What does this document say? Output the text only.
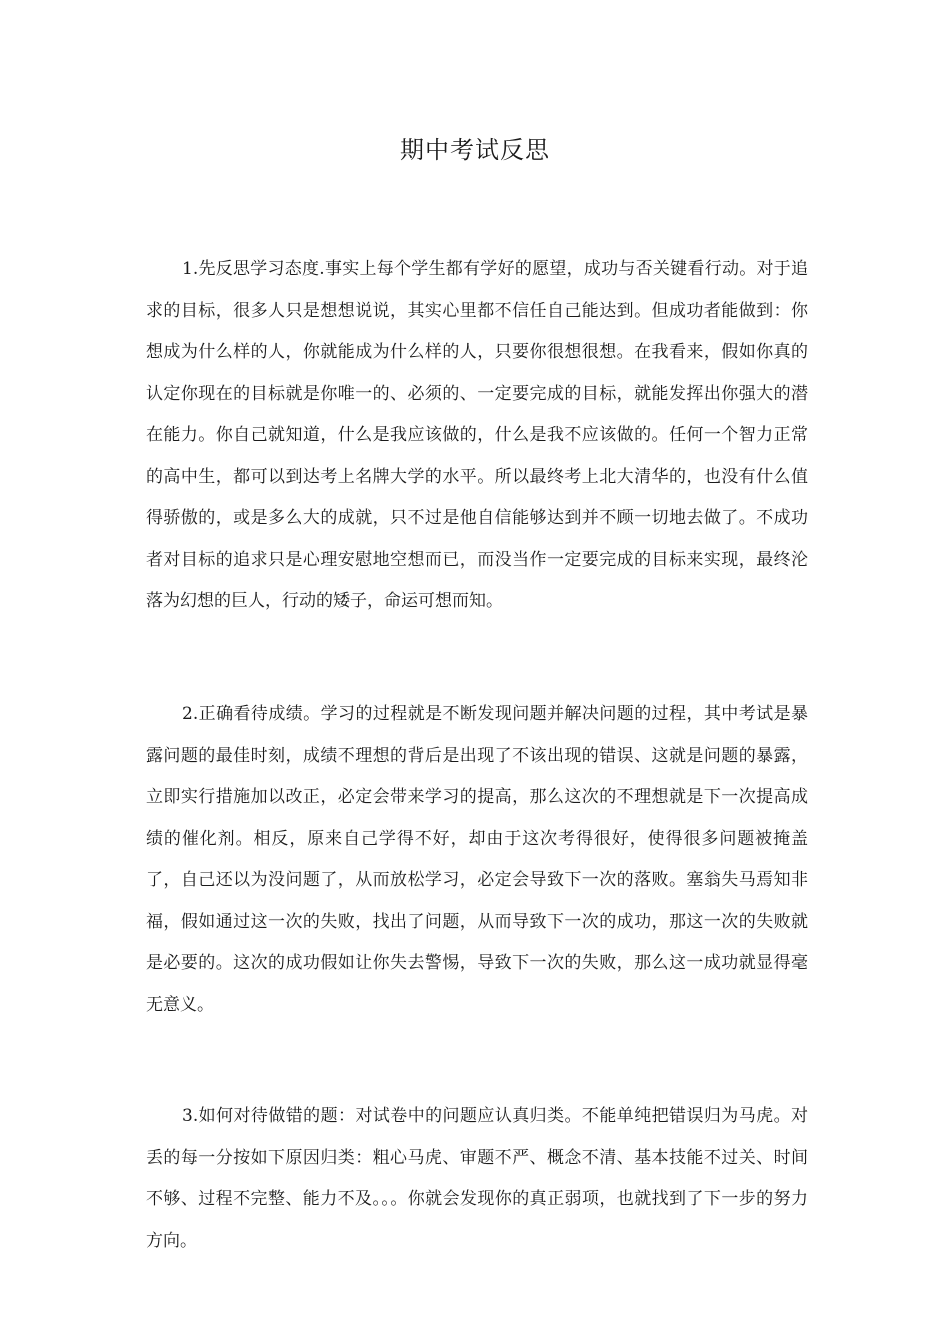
期中考试反思

1.先反思学习态度.事实上每个学生都有学好的愿望，成功与否关键看行动。对于追求的目标，很多人只是想想说说，其实心里都不信任自己能达到。但成功者能做到：你想成为什么样的人，你就能成为什么样的人，只要你很想很想。在我看来，假如你真的认定你现在的目标就是你唯一的、必须的、一定要完成的目标，就能发挥出你强大的潜在能力。你自己就知道，什么是我应该做的，什么是我不应该做的。任何一个智力正常的高中生，都可以到达考上名牌大学的水平。所以最终考上北大清华的，也没有什么值得骄傲的，或是多么大的成就，只不过是他自信能够达到并不顾一切地去做了。不成功者对目标的追求只是心理安慰地空想而已，而没当作一定要完成的目标来实现，最终沦落为幻想的巨人，行动的矮子，命运可想而知。

2.正确看待成绩。学习的过程就是不断发现问题并解决问题的过程，其中考试是暴露问题的最佳时刻，成绩不理想的背后是出现了不该出现的错误、这就是问题的暴露，立即实行措施加以改正，必定会带来学习的提高，那么这次的不理想就是下一次提高成绩的催化剂。相反，原来自己学得不好，却由于这次考得很好，使得很多问题被掩盖了，自己还以为没问题了，从而放松学习，必定会导致下一次的落败。塞翁失马焉知非福，假如通过这一次的失败，找出了问题，从而导致下一次的成功，那这一次的失败就是必要的。这次的成功假如让你失去警惕，导致下一次的失败，那么这一成功就显得毫无意义。

3.如何对待做错的题：对试卷中的问题应认真归类。不能单纯把错误归为马虎。对丢的每一分按如下原因归类：粗心马虎、审题不严、概念不清、基本技能不过关、时间不够、过程不完整、能力不及。。。你就会发现你的真正弱项，也就找到了下一步的努力方向。
